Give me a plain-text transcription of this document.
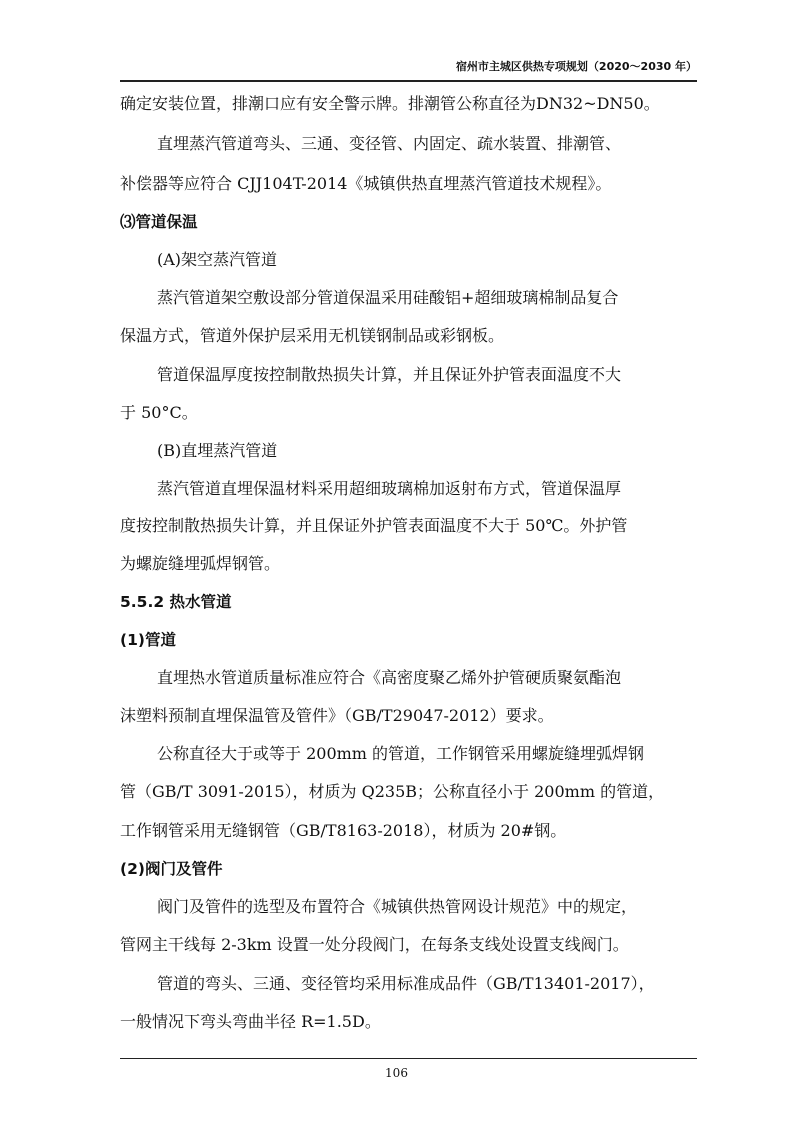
宿州市主城区供热专项规划（2020～2030 年）
确定安装位置，排潮口应有安全警示牌。排潮管公称直径为DN32~DN50。
直埋蒸汽管道弯头、三通、变径管、内固定、疏水装置、排潮管、
补偿器等应符合 CJJ104T-2014《城镇供热直埋蒸汽管道技术规程》。
⑶管道保温
(A)架空蒸汽管道
蒸汽管道架空敷设部分管道保温采用硅酸铝+超细玻璃棉制品复合
保温方式，管道外保护层采用无机镁钢制品或彩钢板。
管道保温厚度按控制散热损失计算，并且保证外护管表面温度不大
于 50°C。
(B)直埋蒸汽管道
蒸汽管道直埋保温材料采用超细玻璃棉加返射布方式，管道保温厚
度按控制散热损失计算，并且保证外护管表面温度不大于 50℃。外护管
为螺旋缝埋弧焊钢管。
5.5.2 热水管道
(1)管道
直埋热水管道质量标准应符合《高密度聚乙烯外护管硬质聚氨酯泡
沫塑料预制直埋保温管及管件》（GB/T29047-2012）要求。
公称直径大于或等于 200mm 的管道，工作钢管采用螺旋缝埋弧焊钢
管（GB/T 3091-2015），材质为 Q235B；公称直径小于 200mm 的管道，
工作钢管采用无缝钢管（GB/T8163-2018），材质为 20#钢。
(2)阀门及管件
阀门及管件的选型及布置符合《城镇供热管网设计规范》中的规定，
管网主干线每 2-3km 设置一处分段阀门，在每条支线处设置支线阀门。
管道的弯头、三通、变径管均采用标准成品件（GB/T13401-2017），
一般情况下弯头弯曲半径 R=1.5D。
106
